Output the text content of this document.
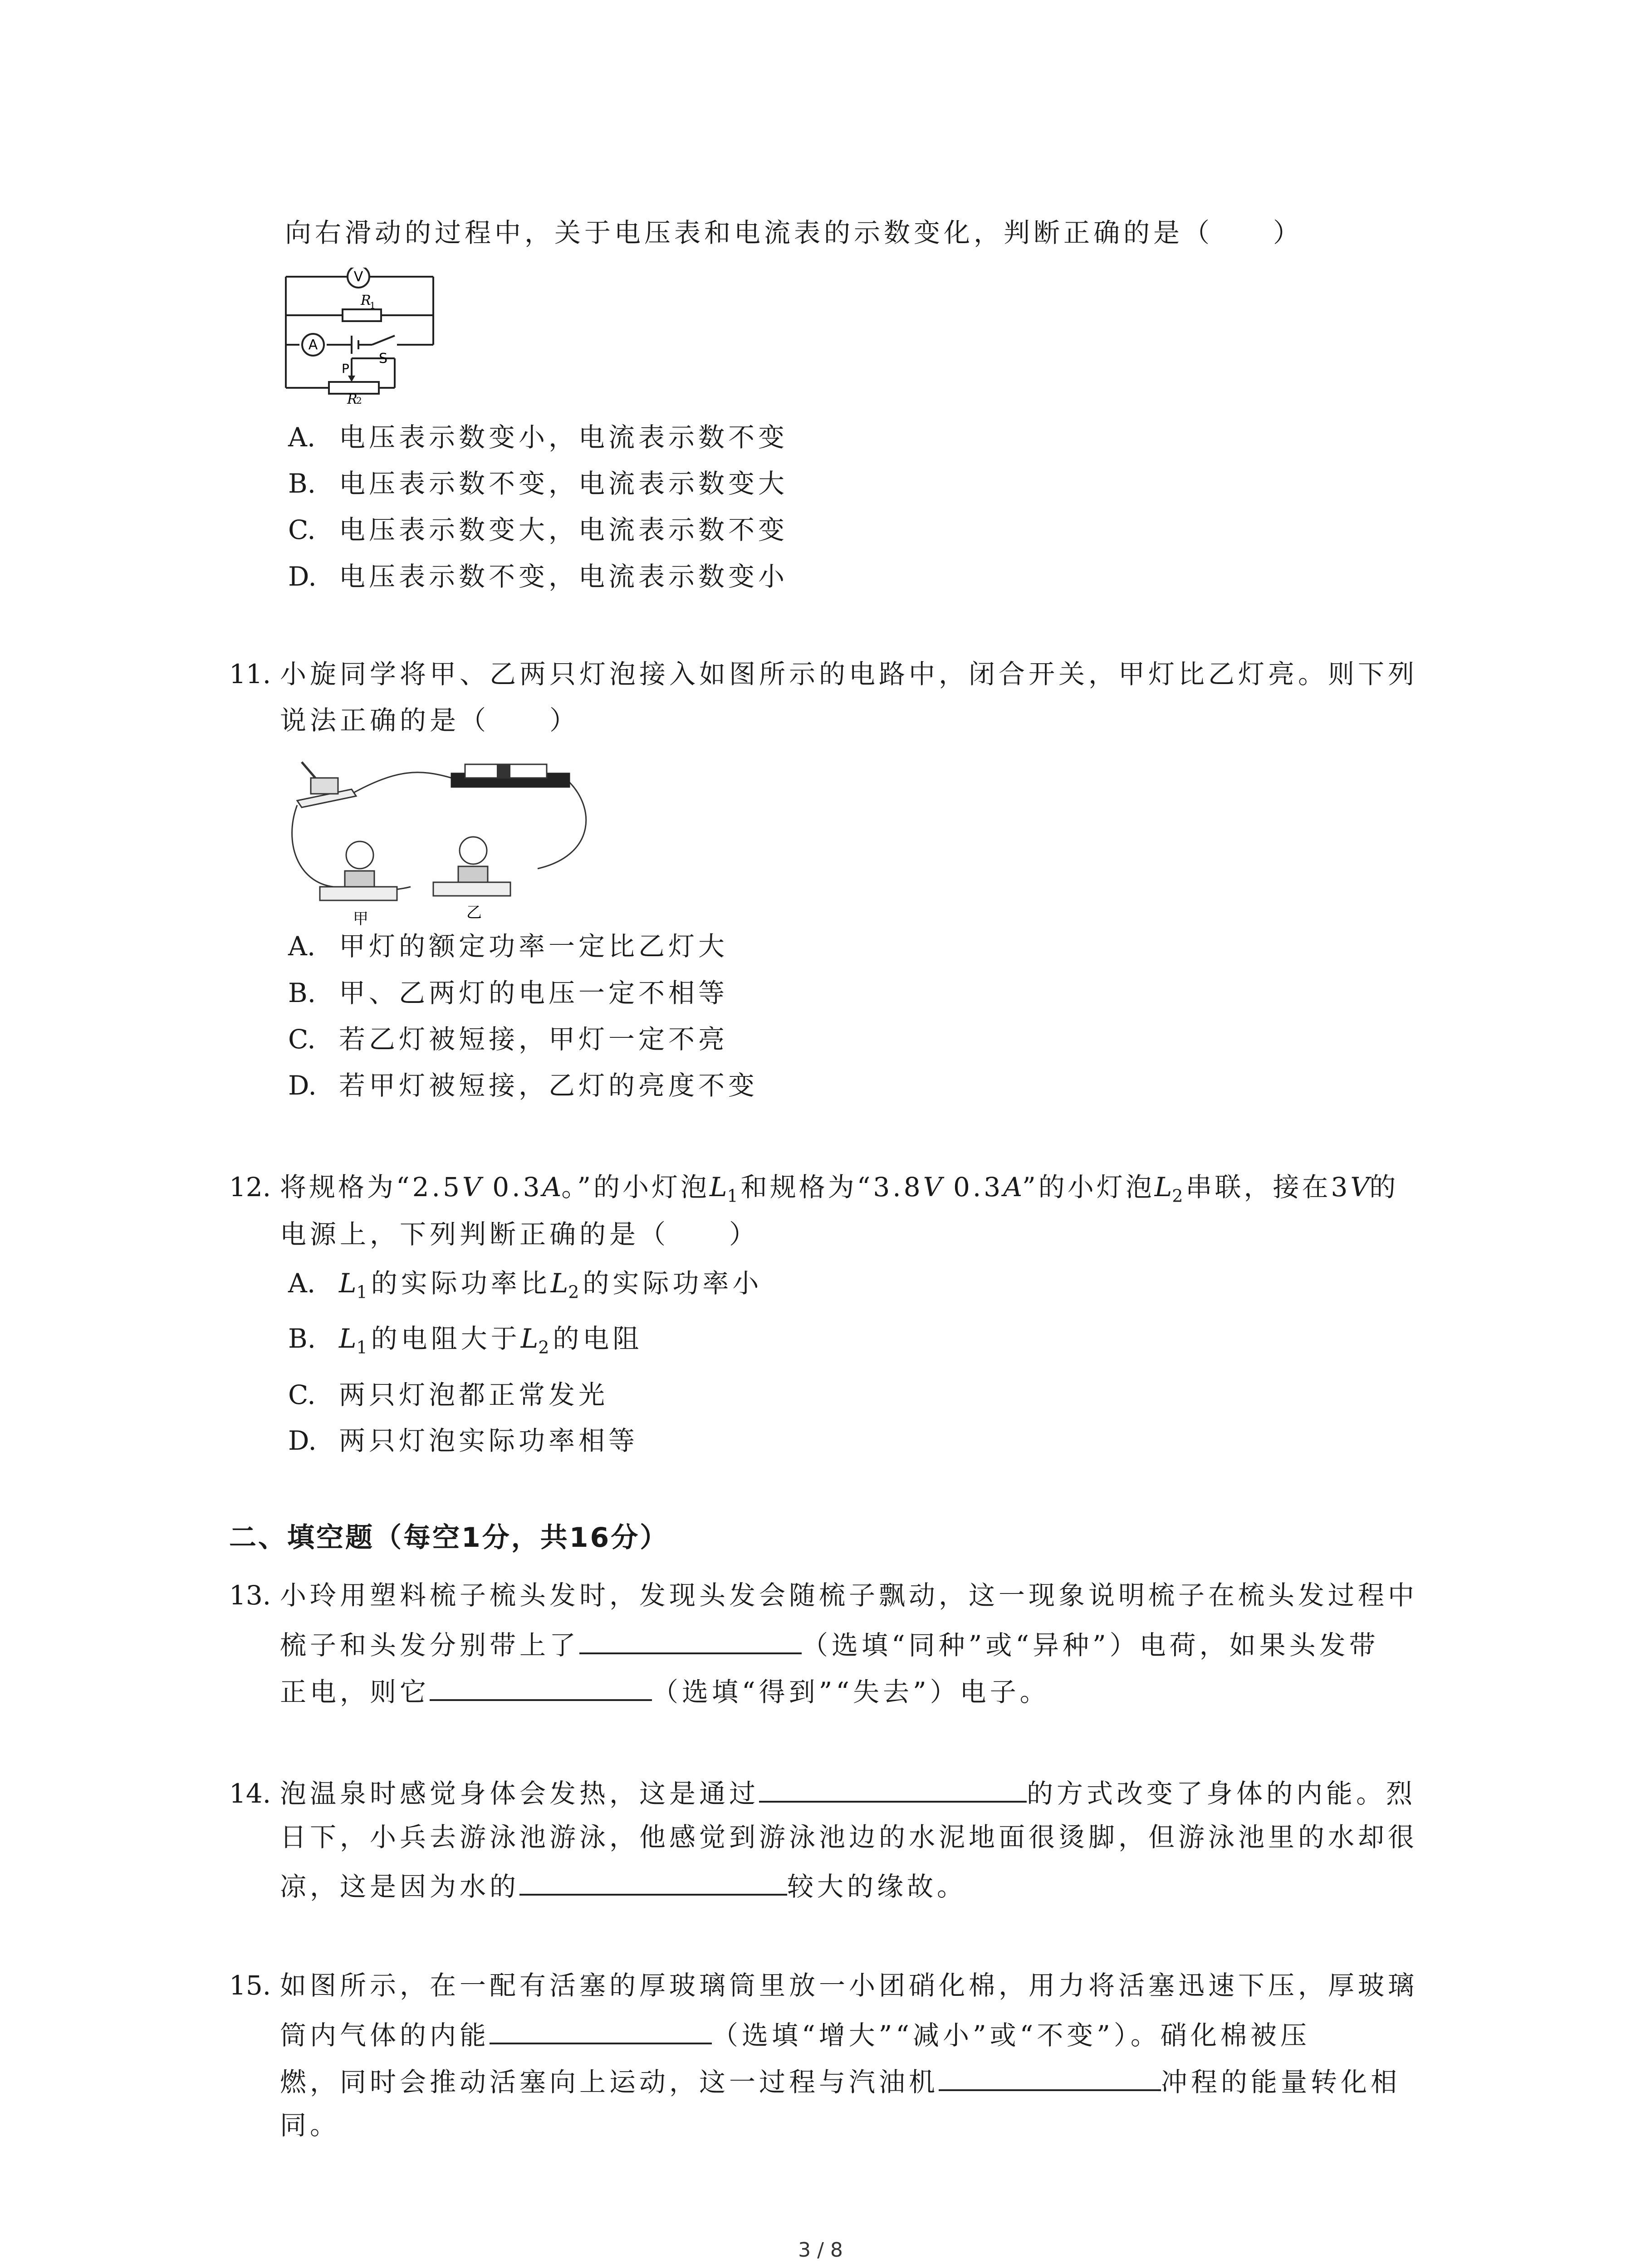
向右滑动的过程中，关于电压表和电流表的示数变化，判断正确的是（　　）
V
A
R
1
S
P
R
2
A. 电压表示数变小，电流表示数不变
B. 电压表示数不变，电流表示数变大
C. 电压表示数变大，电流表示数不变
D. 电压表示数不变，电流表示数变小
11. 小旋同学将甲、乙两只灯泡接入如图所示的电路中，闭合开关，甲灯比乙灯亮。则下列
说法正确的是（　　）
甲	乙
A. 甲灯的额定功率一定比乙灯大
B. 甲、乙两灯的电压一定不相等
C. 若乙灯被短接，甲灯一定不亮
D. 若甲灯被短接，乙灯的亮度不变
12. 将规格为“2.5V 0.3A。”的小灯泡$L_1$和规格为“3.8V 0.3A”的小灯泡$L_2$串联，接在3V的
电源上，下列判断正确的是（　　）
A. $L_1$的实际功率比$L_2$的实际功率小
B. $L_1$的电阻大于$L_2$的电阻
C. 两只灯泡都正常发光
D. 两只灯泡实际功率相等
二、填空题（每空1分，共16分）
13. 小玲用塑料梳子梳头发时，发现头发会随梳子飘动，这一现象说明梳子在梳头发过程中
梳子和头发分别带上了	（选填“同种”或“异种”）电荷，如果头发带
正电，则它	（选填“得到”“失去”）电子。
14. 泡温泉时感觉身体会发热，这是通过	的方式改变了身体的内能。烈
日下，小兵去游泳池游泳，他感觉到游泳池边的水泥地面很烫脚，但游泳池里的水却很
凉，这是因为水的	较大的缘故。
15. 如图所示，在一配有活塞的厚玻璃筒里放一小团硝化棉，用力将活塞迅速下压，厚玻璃
筒内气体的内能	（选填“增大”“减小”或“不变”）。硝化棉被压
燃，同时会推动活塞向上运动，这一过程与汽油机	冲程的能量转化相
同。
3 / 8
